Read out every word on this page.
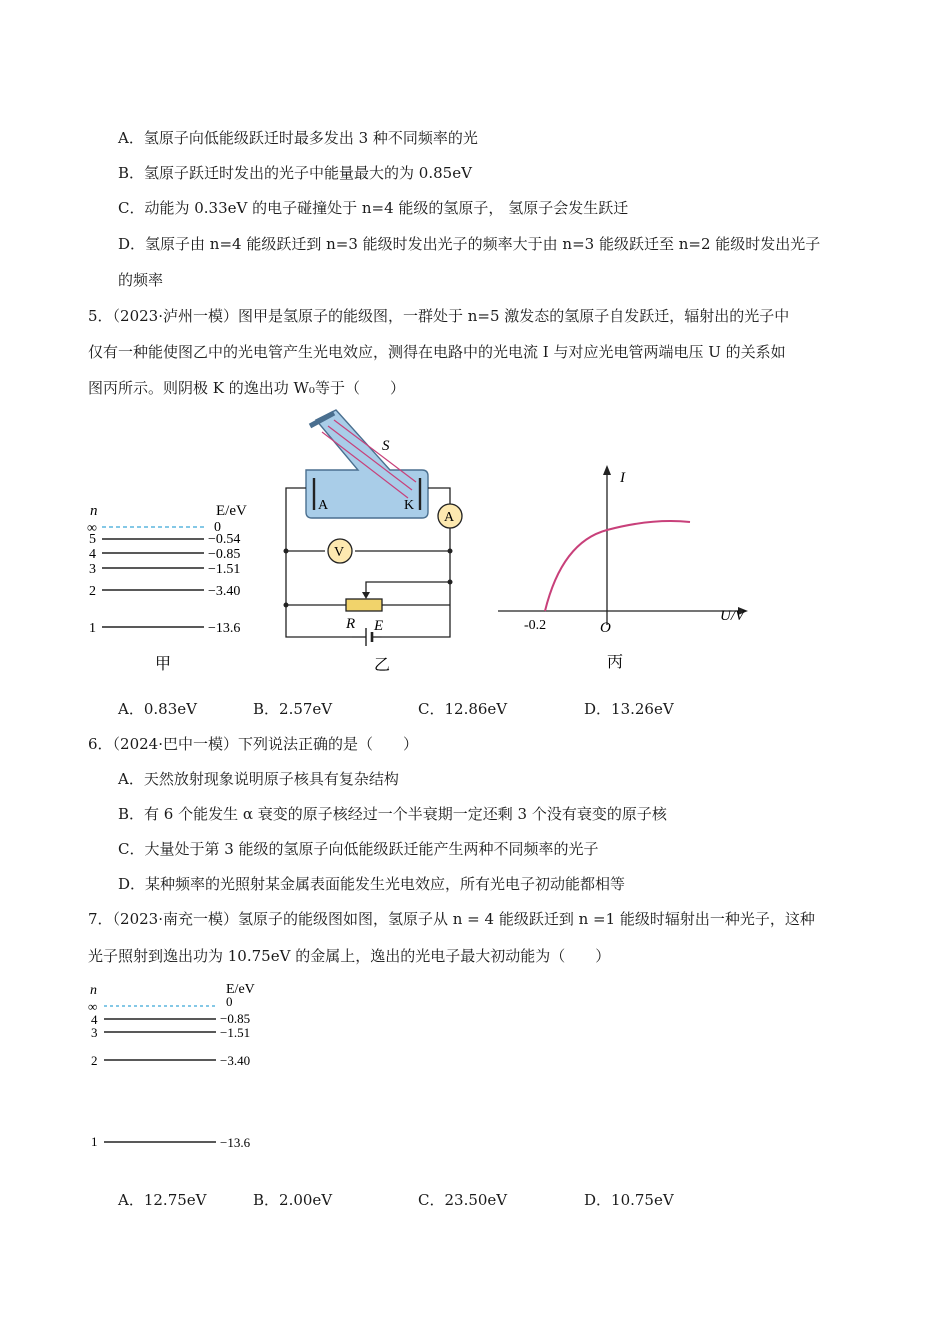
A．氢原子向低能级跃迁时最多发出 3 种不同频率的光
B．氢原子跃迁时发出的光子中能量最大的为 0.85eV
C．动能为 0.33eV 的电子碰撞处于 n=4 能级的氢原子， 氢原子会发生跃迁
D．氢原子由 n=4 能级跃迁到 n=3 能级时发出光子的频率大于由 n=3 能级跃迁至 n=2 能级时发出光子
的频率
5．（2023·泸州一模）图甲是氢原子的能级图，一群处于 n=5 激发态的氢原子自发跃迁，辐射出的光子中
仅有一种能使图乙中的光电管产生光电效应，测得在电路中的光电流 I 与对应光电管两端电压 U 的关系如
图丙所示。则阴极 K 的逸出功 W₀等于（　　）
n	E/eV
∞	0
5	−0.54
4	−0.85
3	−1.51
2	−3.40
1	−13.6
甲
S
A	K
A
V
R E
乙
I
U/V
O
-0.2
丙
A．0.83eV	B．2.57eV	C．12.86eV	D．13.26eV
6．（2024·巴中一模）下列说法正确的是（　　）
A．天然放射现象说明原子核具有复杂结构
B．有 6 个能发生 α 衰变的原子核经过一个半衰期一定还剩 3 个没有衰变的原子核
C．大量处于第 3 能级的氢原子向低能级跃迁能产生两种不同频率的光子
D．某种频率的光照射某金属表面能发生光电效应，所有光电子初动能都相等
7．（2023·南充一模）氢原子的能级图如图，氢原子从 n = 4 能级跃迁到 n =1 能级时辐射出一种光子，这种
光子照射到逸出功为 10.75eV 的金属上，逸出的光电子最大初动能为（　　）
n	E/eV
∞	0
4	−0.85
3	−1.51
2	−3.40
1	−13.6
A．12.75eV	B．2.00eV	C．23.50eV	D．10.75eV
